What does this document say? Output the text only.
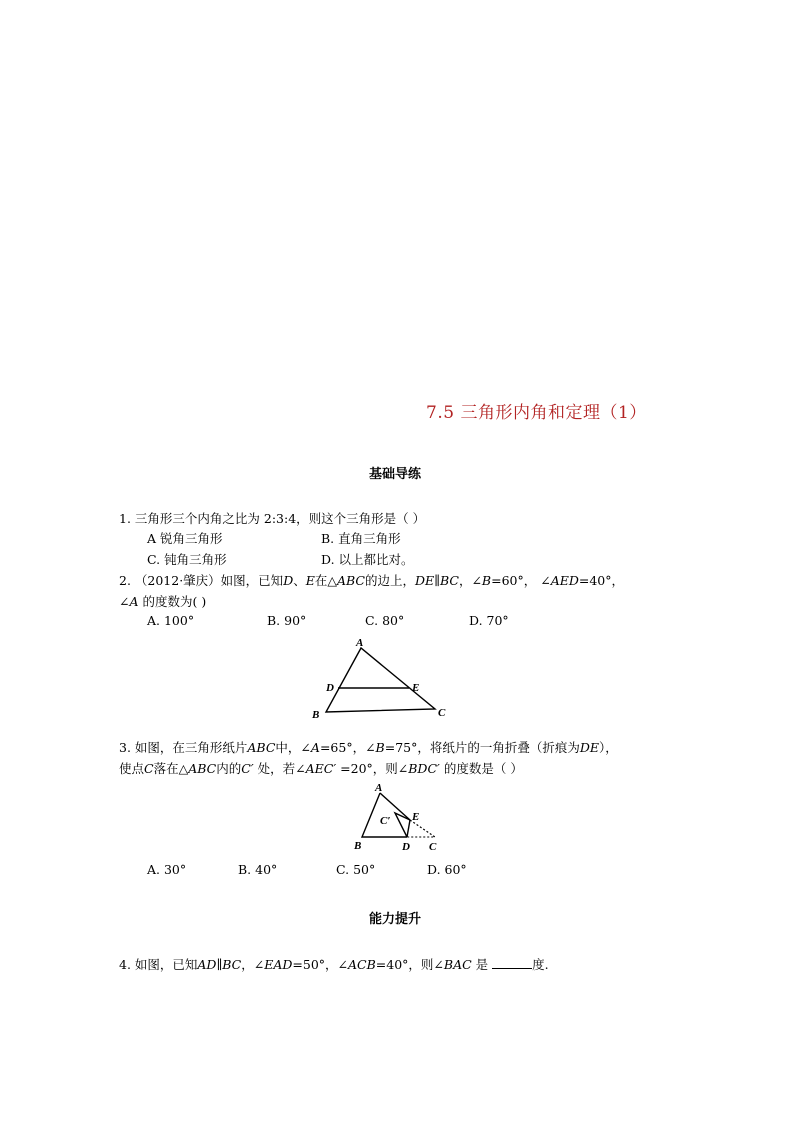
7.5 三角形内角和定理（1）
基础导练
1. 三角形三个内角之比为 2:3:4，则这个三角形是（ ）
A 锐角三角形	B. 直角三角形
C. 钝角三角形	D. 以上都比对。
2. （2012·肇庆）如图，已知D、E在△ABC的边上，DE∥BC，∠B=60°， ∠AED=40°，
∠A 的度数为( )
A. 100°	B. 90°	C. 80°	D. 70°
A
B	C
D	E
3. 如图，在三角形纸片ABC中，∠A=65°，∠B=75°，将纸片的一角折叠（折痕为DE），
使点C落在△ABC内的C′ 处，若∠AEC′ =20°，则∠BDC′ 的度数是（ ）
A
B	D C
E
C′
A. 30°	B. 40°	C. 50°	D. 60°
能力提升
4. 如图，已知AD∥BC，∠EAD=50°，∠ACB=40°，则∠BAC 是	度.
